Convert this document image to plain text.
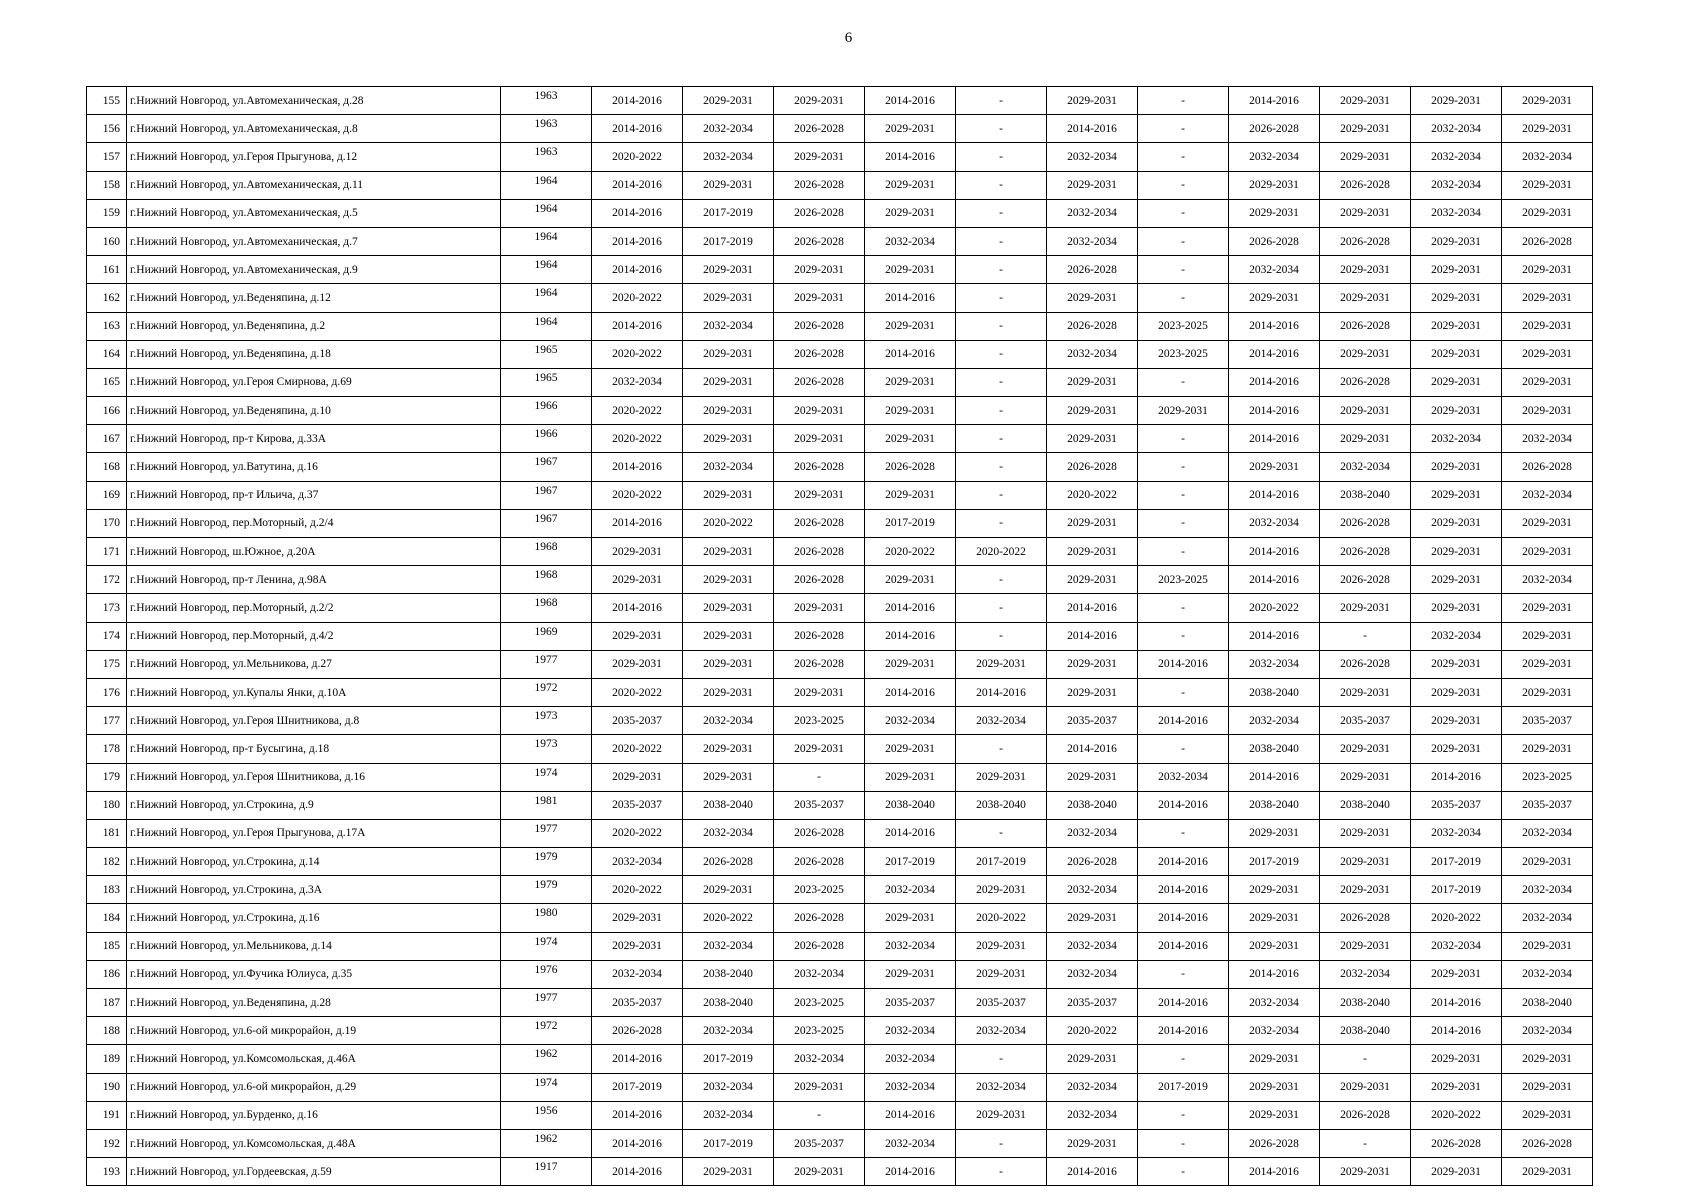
6
155	г.Нижний Новгород, ул.Автомеханическая, д.28	1963	2014-2016	2029-2031	2029-2031	2014-2016	-	2029-2031	-	2014-2016	2029-2031	2029-2031	2029-2031
156	г.Нижний Новгород, ул.Автомеханическая, д.8	1963	2014-2016	2032-2034	2026-2028	2029-2031	-	2014-2016	-	2026-2028	2029-2031	2032-2034	2029-2031
157	г.Нижний Новгород, ул.Героя Прыгунова, д.12	1963	2020-2022	2032-2034	2029-2031	2014-2016	-	2032-2034	-	2032-2034	2029-2031	2032-2034	2032-2034
158	г.Нижний Новгород, ул.Автомеханическая, д.11	1964	2014-2016	2029-2031	2026-2028	2029-2031	-	2029-2031	-	2029-2031	2026-2028	2032-2034	2029-2031
159	г.Нижний Новгород, ул.Автомеханическая, д.5	1964	2014-2016	2017-2019	2026-2028	2029-2031	-	2032-2034	-	2029-2031	2029-2031	2032-2034	2029-2031
160	г.Нижний Новгород, ул.Автомеханическая, д.7	1964	2014-2016	2017-2019	2026-2028	2032-2034	-	2032-2034	-	2026-2028	2026-2028	2029-2031	2026-2028
161	г.Нижний Новгород, ул.Автомеханическая, д.9	1964	2014-2016	2029-2031	2029-2031	2029-2031	-	2026-2028	-	2032-2034	2029-2031	2029-2031	2029-2031
162	г.Нижний Новгород, ул.Веденяпина, д.12	1964	2020-2022	2029-2031	2029-2031	2014-2016	-	2029-2031	-	2029-2031	2029-2031	2029-2031	2029-2031
163	г.Нижний Новгород, ул.Веденяпина, д.2	1964	2014-2016	2032-2034	2026-2028	2029-2031	-	2026-2028	2023-2025	2014-2016	2026-2028	2029-2031	2029-2031
164	г.Нижний Новгород, ул.Веденяпина, д.18	1965	2020-2022	2029-2031	2026-2028	2014-2016	-	2032-2034	2023-2025	2014-2016	2029-2031	2029-2031	2029-2031
165	г.Нижний Новгород, ул.Героя Смирнова, д.69	1965	2032-2034	2029-2031	2026-2028	2029-2031	-	2029-2031	-	2014-2016	2026-2028	2029-2031	2029-2031
166	г.Нижний Новгород, ул.Веденяпина, д.10	1966	2020-2022	2029-2031	2029-2031	2029-2031	-	2029-2031	2029-2031	2014-2016	2029-2031	2029-2031	2029-2031
167	г.Нижний Новгород, пр-т Кирова, д.33А	1966	2020-2022	2029-2031	2029-2031	2029-2031	-	2029-2031	-	2014-2016	2029-2031	2032-2034	2032-2034
168	г.Нижний Новгород, ул.Ватутина, д.16	1967	2014-2016	2032-2034	2026-2028	2026-2028	-	2026-2028	-	2029-2031	2032-2034	2029-2031	2026-2028
169	г.Нижний Новгород, пр-т Ильича, д.37	1967	2020-2022	2029-2031	2029-2031	2029-2031	-	2020-2022	-	2014-2016	2038-2040	2029-2031	2032-2034
170	г.Нижний Новгород, пер.Моторный, д.2/4	1967	2014-2016	2020-2022	2026-2028	2017-2019	-	2029-2031	-	2032-2034	2026-2028	2029-2031	2029-2031
171	г.Нижний Новгород, ш.Южное, д.20А	1968	2029-2031	2029-2031	2026-2028	2020-2022	2020-2022	2029-2031	-	2014-2016	2026-2028	2029-2031	2029-2031
172	г.Нижний Новгород, пр-т Ленина, д.98А	1968	2029-2031	2029-2031	2026-2028	2029-2031	-	2029-2031	2023-2025	2014-2016	2026-2028	2029-2031	2032-2034
173	г.Нижний Новгород, пер.Моторный, д.2/2	1968	2014-2016	2029-2031	2029-2031	2014-2016	-	2014-2016	-	2020-2022	2029-2031	2029-2031	2029-2031
174	г.Нижний Новгород, пер.Моторный, д.4/2	1969	2029-2031	2029-2031	2026-2028	2014-2016	-	2014-2016	-	2014-2016	-	2032-2034	2029-2031
175	г.Нижний Новгород, ул.Мельникова, д.27	1977	2029-2031	2029-2031	2026-2028	2029-2031	2029-2031	2029-2031	2014-2016	2032-2034	2026-2028	2029-2031	2029-2031
176	г.Нижний Новгород, ул.Купалы Янки, д.10А	1972	2020-2022	2029-2031	2029-2031	2014-2016	2014-2016	2029-2031	-	2038-2040	2029-2031	2029-2031	2029-2031
177	г.Нижний Новгород, ул.Героя Шнитникова, д.8	1973	2035-2037	2032-2034	2023-2025	2032-2034	2032-2034	2035-2037	2014-2016	2032-2034	2035-2037	2029-2031	2035-2037
178	г.Нижний Новгород, пр-т Бусыгина, д.18	1973	2020-2022	2029-2031	2029-2031	2029-2031	-	2014-2016	-	2038-2040	2029-2031	2029-2031	2029-2031
179	г.Нижний Новгород, ул.Героя Шнитникова, д.16	1974	2029-2031	2029-2031	-	2029-2031	2029-2031	2029-2031	2032-2034	2014-2016	2029-2031	2014-2016	2023-2025
180	г.Нижний Новгород, ул.Строкина, д.9	1981	2035-2037	2038-2040	2035-2037	2038-2040	2038-2040	2038-2040	2014-2016	2038-2040	2038-2040	2035-2037	2035-2037
181	г.Нижний Новгород, ул.Героя Прыгунова, д.17А	1977	2020-2022	2032-2034	2026-2028	2014-2016	-	2032-2034	-	2029-2031	2029-2031	2032-2034	2032-2034
182	г.Нижний Новгород, ул.Строкина, д.14	1979	2032-2034	2026-2028	2026-2028	2017-2019	2017-2019	2026-2028	2014-2016	2017-2019	2029-2031	2017-2019	2029-2031
183	г.Нижний Новгород, ул.Строкина, д.3А	1979	2020-2022	2029-2031	2023-2025	2032-2034	2029-2031	2032-2034	2014-2016	2029-2031	2029-2031	2017-2019	2032-2034
184	г.Нижний Новгород, ул.Строкина, д.16	1980	2029-2031	2020-2022	2026-2028	2029-2031	2020-2022	2029-2031	2014-2016	2029-2031	2026-2028	2020-2022	2032-2034
185	г.Нижний Новгород, ул.Мельникова, д.14	1974	2029-2031	2032-2034	2026-2028	2032-2034	2029-2031	2032-2034	2014-2016	2029-2031	2029-2031	2032-2034	2029-2031
186	г.Нижний Новгород, ул.Фучика Юлиуса, д.35	1976	2032-2034	2038-2040	2032-2034	2029-2031	2029-2031	2032-2034	-	2014-2016	2032-2034	2029-2031	2032-2034
187	г.Нижний Новгород, ул.Веденяпина, д.28	1977	2035-2037	2038-2040	2023-2025	2035-2037	2035-2037	2035-2037	2014-2016	2032-2034	2038-2040	2014-2016	2038-2040
188	г.Нижний Новгород, ул.6-ой микрорайон, д.19	1972	2026-2028	2032-2034	2023-2025	2032-2034	2032-2034	2020-2022	2014-2016	2032-2034	2038-2040	2014-2016	2032-2034
189	г.Нижний Новгород, ул.Комсомольская, д.46А	1962	2014-2016	2017-2019	2032-2034	2032-2034	-	2029-2031	-	2029-2031	-	2029-2031	2029-2031
190	г.Нижний Новгород, ул.6-ой микрорайон, д.29	1974	2017-2019	2032-2034	2029-2031	2032-2034	2032-2034	2032-2034	2017-2019	2029-2031	2029-2031	2029-2031	2029-2031
191	г.Нижний Новгород, ул.Бурденко, д.16	1956	2014-2016	2032-2034	-	2014-2016	2029-2031	2032-2034	-	2029-2031	2026-2028	2020-2022	2029-2031
192	г.Нижний Новгород, ул.Комсомольская, д.48А	1962	2014-2016	2017-2019	2035-2037	2032-2034	-	2029-2031	-	2026-2028	-	2026-2028	2026-2028
193	г.Нижний Новгород, ул.Гордеевская, д.59	1917	2014-2016	2029-2031	2029-2031	2014-2016	-	2014-2016	-	2014-2016	2029-2031	2029-2031	2029-2031
